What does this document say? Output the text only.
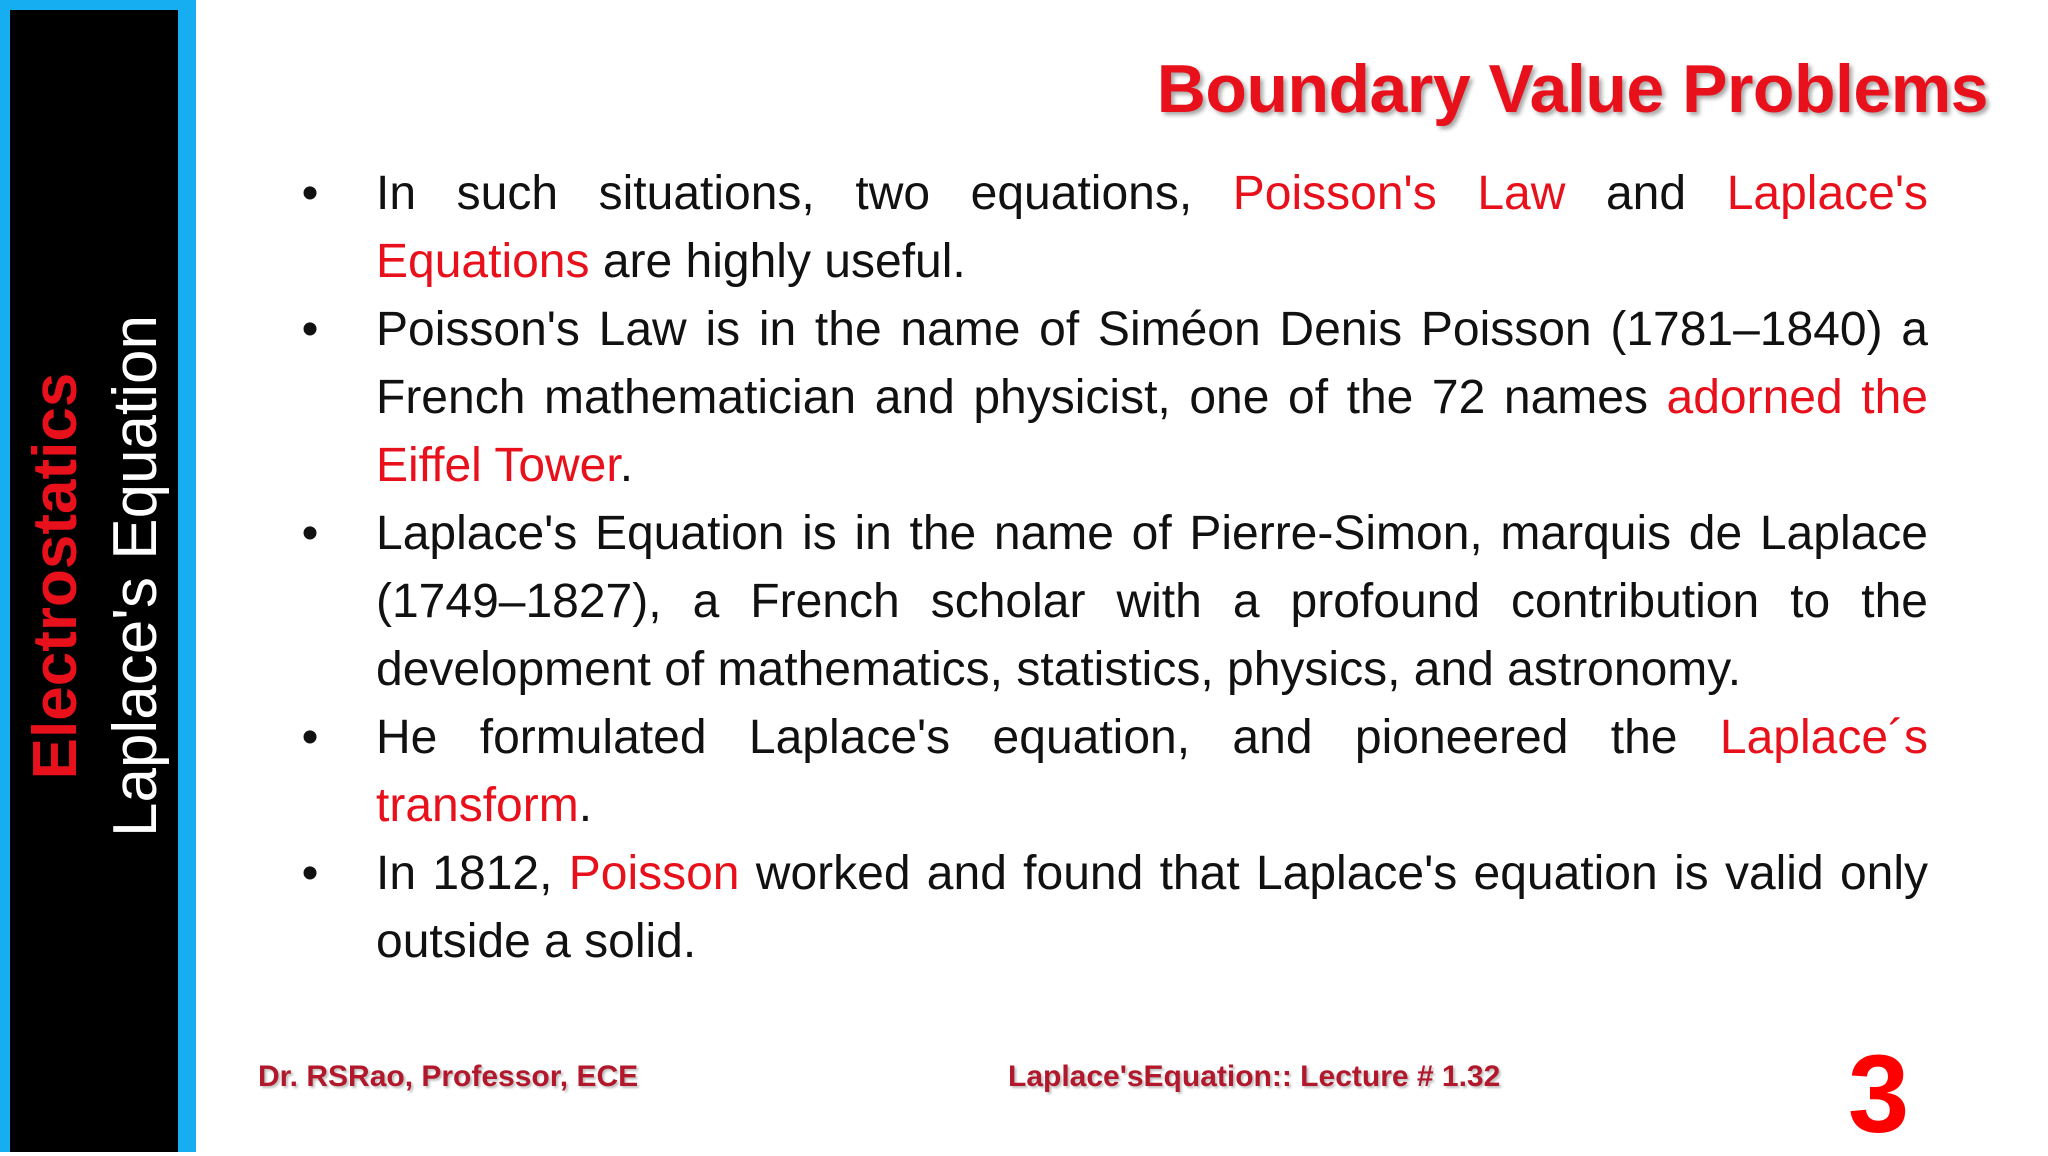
Electrostatics Laplace's Equation
Boundary Value Problems
• In such situations, two equations, Poisson's Law and Laplace's Equations are highly useful.
• Poisson's Law is in the name of Siméon Denis Poisson (1781–1840) a French mathematician and physicist, one of the 72 names adorned the Eiffel Tower.
• Laplace's Equation is in the name of Pierre-Simon, marquis de Laplace (1749–1827), a French scholar with a profound contribution to the development of mathematics, statistics, physics, and astronomy.
• He formulated Laplace's equation, and pioneered the Laplace´s transform.
• In 1812, Poisson worked and found that Laplace's equation is valid only outside a solid.
Dr. RSRao, Professor, ECE	Laplace'sEquation:: Lecture # 1.32	3
